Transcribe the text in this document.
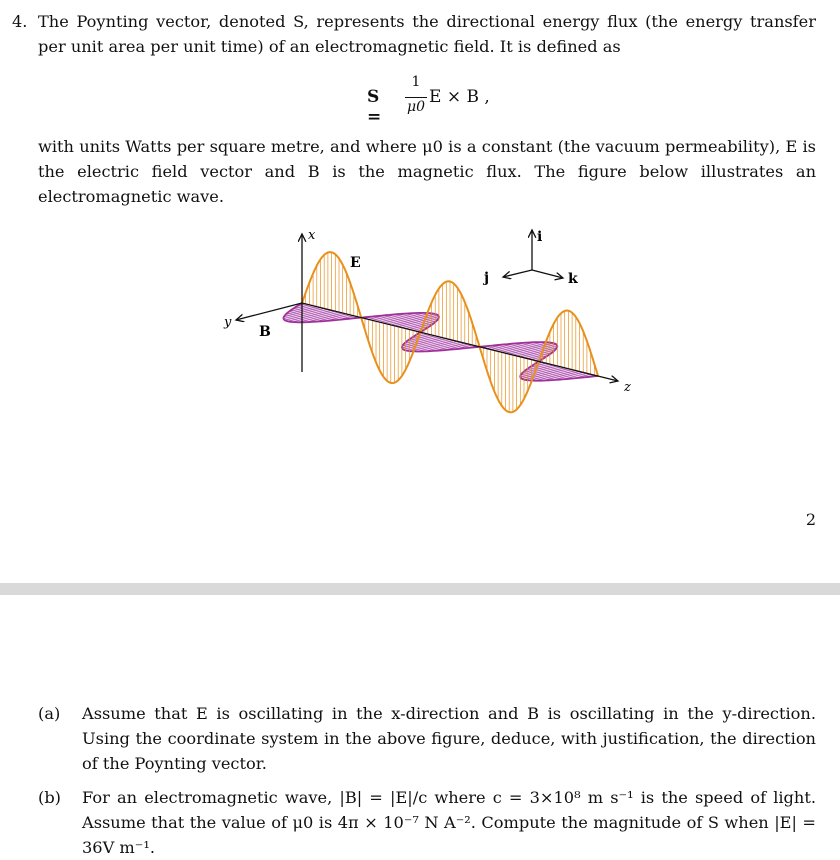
4. The Poynting vector, denoted S, represents the directional energy flux (the energy transfer per unit area per unit time) of an electromagnetic field. It is defined as
S =
1
μ0 E × B ,
with units Watts per square metre, and where μ0 is a constant (the vacuum permeability), E is the electric field vector and B is the magnetic flux. The figure below illustrates an electromagnetic wave.
x
y
z
E
B
i
j	k
2
(a) Assume that E is oscillating in the x-direction and B is oscillating in the y-direction. Using the coordinate system in the above figure, deduce, with justification, the direction of the Poynting vector.
(b) For an electromagnetic wave, |B| = |E|/c where c = 3×10⁸ m s⁻¹ is the speed of light. Assume that the value of μ0 is 4π × 10⁻⁷ N A⁻². Compute the magnitude of S when |E| = 36V m⁻¹.
